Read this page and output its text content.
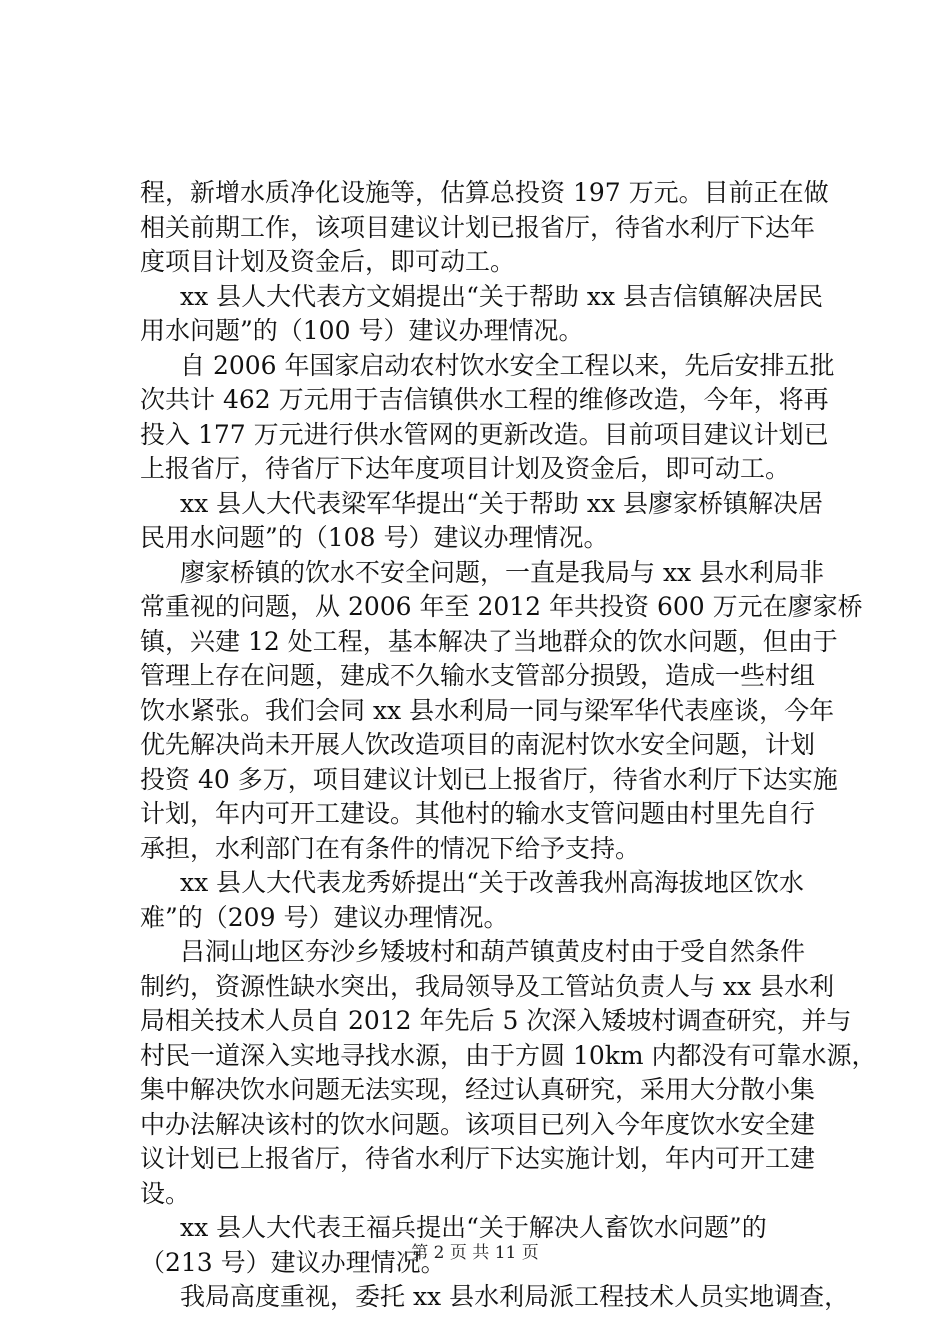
程，新增水质净化设施等，估算总投资 197 万元。目前正在做
相关前期工作，该项目建议计划已报省厅，待省水利厅下达年
度项目计划及资金后，即可动工。
xx 县人大代表方文娟提出“关于帮助 xx 县吉信镇解决居民
用水问题”的（100 号）建议办理情况。
自 2006 年国家启动农村饮水安全工程以来，先后安排五批
次共计 462 万元用于吉信镇供水工程的维修改造，今年，将再
投入 177 万元进行供水管网的更新改造。目前项目建议计划已
上报省厅，待省厅下达年度项目计划及资金后，即可动工。
xx 县人大代表梁军华提出“关于帮助 xx 县廖家桥镇解决居
民用水问题”的（108 号）建议办理情况。
廖家桥镇的饮水不安全问题，一直是我局与 xx 县水利局非
常重视的问题，从 2006 年至 2012 年共投资 600 万元在廖家桥
镇，兴建 12 处工程，基本解决了当地群众的饮水问题，但由于
管理上存在问题，建成不久输水支管部分损毁，造成一些村组
饮水紧张。我们会同 xx 县水利局一同与梁军华代表座谈，今年
优先解决尚未开展人饮改造项目的南泥村饮水安全问题，计划
投资 40 多万，项目建议计划已上报省厅，待省水利厅下达实施
计划，年内可开工建设。其他村的输水支管问题由村里先自行
承担，水利部门在有条件的情况下给予支持。
xx 县人大代表龙秀娇提出“关于改善我州高海拔地区饮水
难”的（209 号）建议办理情况。
吕洞山地区夯沙乡矮坡村和葫芦镇黄皮村由于受自然条件
制约，资源性缺水突出，我局领导及工管站负责人与 xx 县水利
局相关技术人员自 2012 年先后 5 次深入矮坡村调查研究，并与
村民一道深入实地寻找水源，由于方圆 10km 内都没有可靠水源，
集中解决饮水问题无法实现，经过认真研究，采用大分散小集
中办法解决该村的饮水问题。该项目已列入今年度饮水安全建
议计划已上报省厅，待省水利厅下达实施计划，年内可开工建
设。
xx 县人大代表王福兵提出“关于解决人畜饮水问题”的
（213 号）建议办理情况。
我局高度重视，委托 xx 县水利局派工程技术人员实地调查，
第 2 页 共 11 页
